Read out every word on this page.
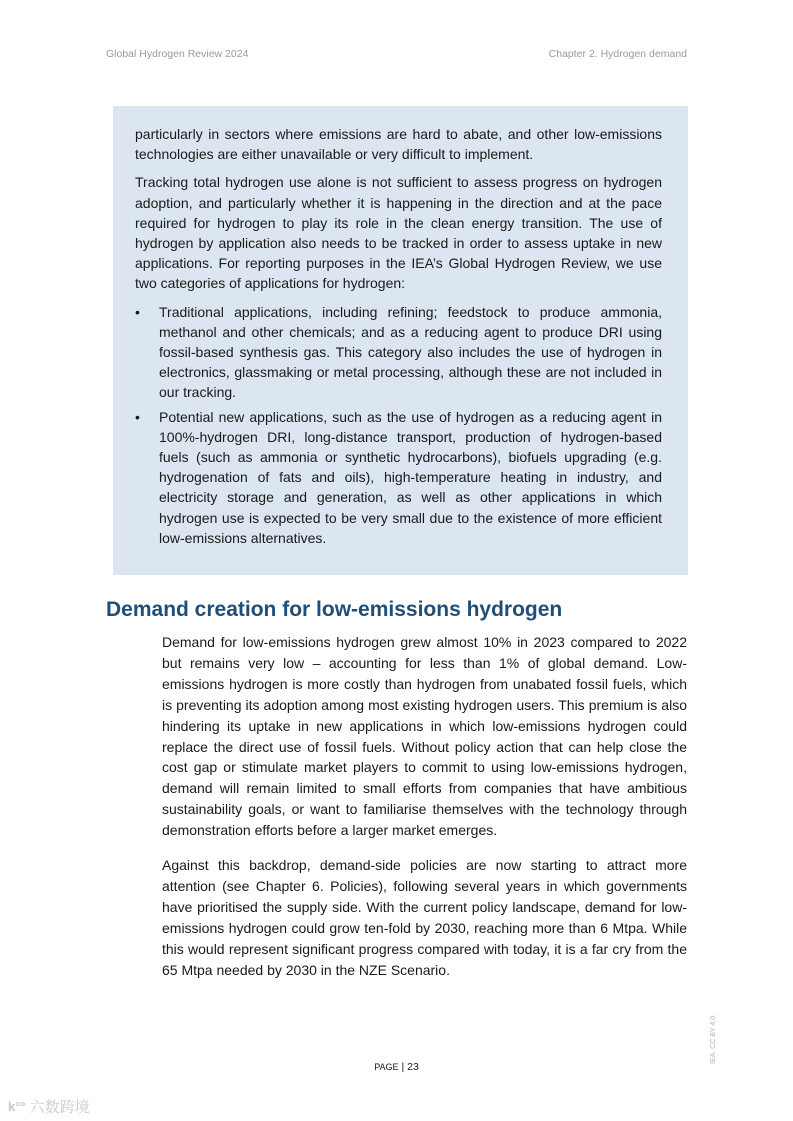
Global Hydrogen Review 2024	Chapter 2. Hydrogen demand

particularly in sectors where emissions are hard to abate, and other low-emissions technologies are either unavailable or very difficult to implement.

Tracking total hydrogen use alone is not sufficient to assess progress on hydrogen adoption, and particularly whether it is happening in the direction and at the pace required for hydrogen to play its role in the clean energy transition. The use of hydrogen by application also needs to be tracked in order to assess uptake in new applications. For reporting purposes in the IEA’s Global Hydrogen Review, we use two categories of applications for hydrogen:

• Traditional applications, including refining; feedstock to produce ammonia, methanol and other chemicals; and as a reducing agent to produce DRI using fossil-based synthesis gas. This category also includes the use of hydrogen in electronics, glassmaking or metal processing, although these are not included in our tracking.
• Potential new applications, such as the use of hydrogen as a reducing agent in 100%-hydrogen DRI, long-distance transport, production of hydrogen-based fuels (such as ammonia or synthetic hydrocarbons), biofuels upgrading (e.g. hydrogenation of fats and oils), high-temperature heating in industry, and electricity storage and generation, as well as other applications in which hydrogen use is expected to be very small due to the existence of more efficient low-emissions alternatives.
Demand creation for low-emissions hydrogen

Demand for low-emissions hydrogen grew almost 10% in 2023 compared to 2022 but remains very low – accounting for less than 1% of global demand. Low-emissions hydrogen is more costly than hydrogen from unabated fossil fuels, which is preventing its adoption among most existing hydrogen users. This premium is also hindering its uptake in new applications in which low-emissions hydrogen could replace the direct use of fossil fuels. Without policy action that can help close the cost gap or stimulate market players to commit to using low-emissions hydrogen, demand will remain limited to small efforts from companies that have ambitious sustainability goals, or want to familiarise themselves with the technology through demonstration efforts before a larger market emerges.

Against this backdrop, demand-side policies are now starting to attract more attention (see Chapter 6. Policies), following several years in which governments have prioritised the supply side. With the current policy landscape, demand for low-emissions hydrogen could grow ten-fold by 2030, reaching more than 6 Mtpa. While this would represent significant progress compared with today, it is a far cry from the 65 Mtpa needed by 2030 in the NZE Scenario.

PAGE | 23
IEA. CC BY 4.0.
k°° 六数跨境
